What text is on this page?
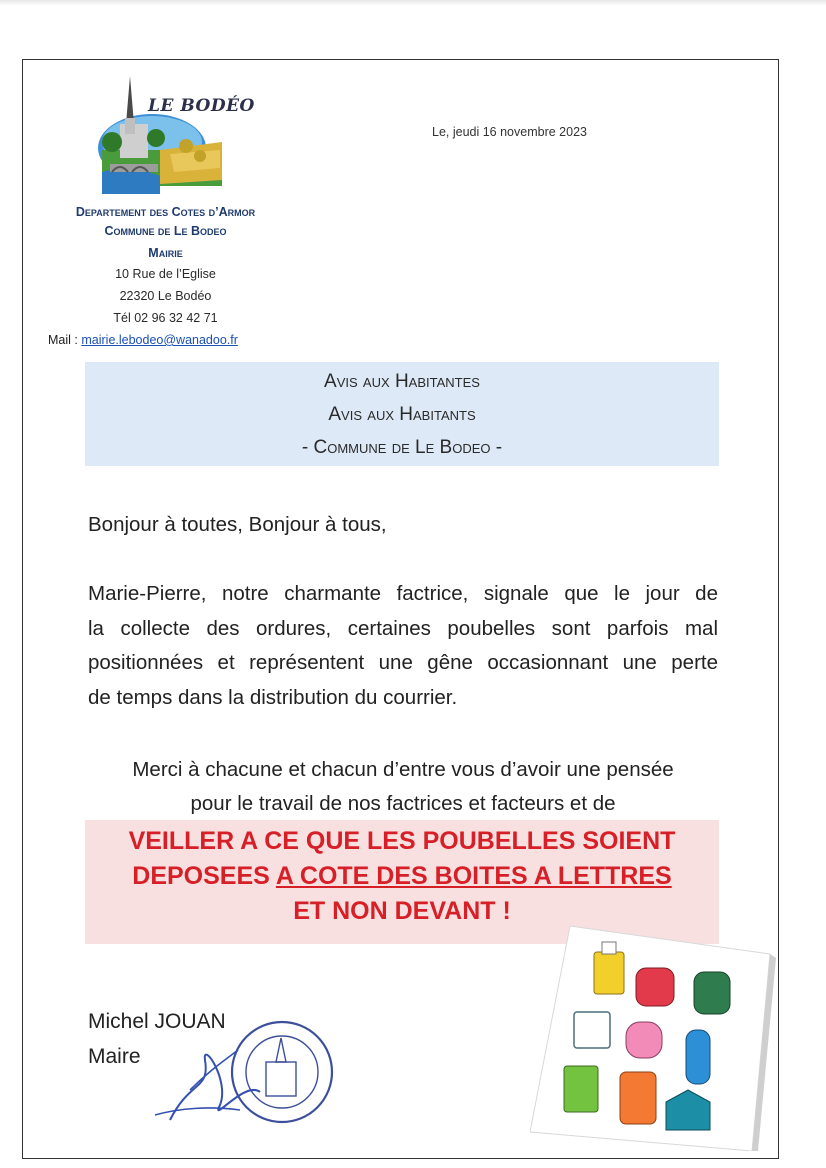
LE BODÉO
Le, jeudi 16 novembre 2023
Departement des Cotes d’Armor
Commune de Le Bodeo
Mairie
10 Rue de l’Eglise
22320 Le Bodéo
Tél 02 96 32 42 71
Mail : mairie.lebodeo@wanadoo.fr
Avis aux Habitantes
Avis aux Habitants
- Commune de Le Bodeo -
Bonjour à toutes, Bonjour à tous,
Marie-Pierre, notre charmante factrice, signale que le jour de
la collecte des ordures, certaines poubelles sont parfois mal
positionnées et représentent une gêne occasionnant une perte
de temps dans la distribution du courrier.
Merci à chacune et chacun d’entre vous d’avoir une pensée
pour le travail de nos factrices et facteurs et de
VEILLER A CE QUE LES POUBELLES SOIENT
DEPOSEES A COTE DES BOITES A LETTRES
ET NON DEVANT !
Michel JOUAN
Maire
